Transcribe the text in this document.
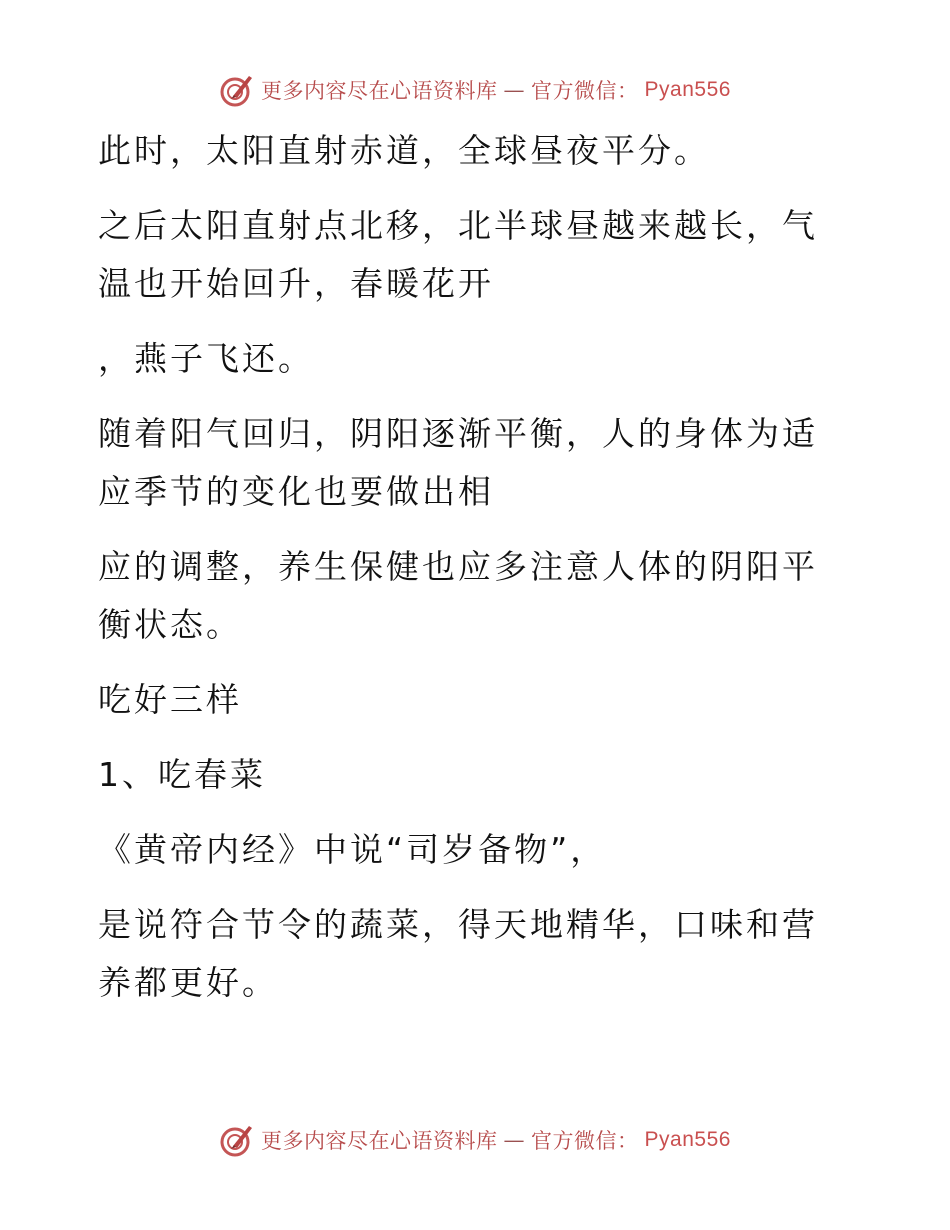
更多内容尽在心语资料库 — 官方微信： Pyan556

此时，太阳直射赤道，全球昼夜平分。

之后太阳直射点北移，北半球昼越来越长，气温也开始回升，春暖花开

，燕子飞还。

随着阳气回归，阴阳逐渐平衡，人的身体为适应季节的变化也要做出相

应的调整，养生保健也应多注意人体的阴阳平衡状态。

吃好三样

1、吃春菜

《黄帝内经》中说“司岁备物”，

是说符合节令的蔬菜，得天地精华，口味和营养都更好。

更多内容尽在心语资料库 — 官方微信： Pyan556
